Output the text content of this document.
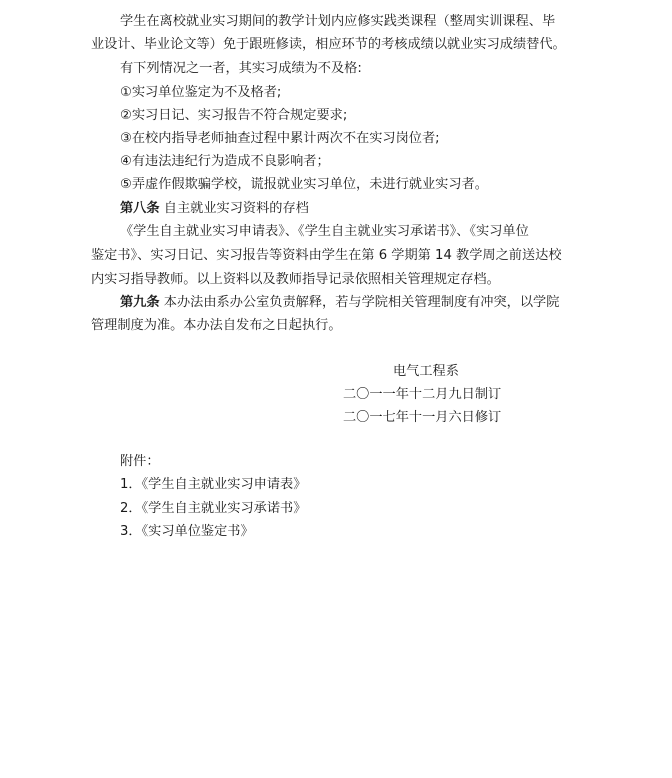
学生在离校就业实习期间的教学计划内应修实践类课程（整周实训课程、毕
业设计、毕业论文等）免于跟班修读，相应环节的考核成绩以就业实习成绩替代。
有下列情况之一者，其实习成绩为不及格:
①实习单位鉴定为不及格者;
②实习日记、实习报告不符合规定要求;
③在校内指导老师抽查过程中累计两次不在实习岗位者;
④有违法违纪行为造成不良影响者；
⑤弄虚作假欺骗学校，谎报就业实习单位，未进行就业实习者。
第八条 自主就业实习资料的存档
《学生自主就业实习申请表》、《学生自主就业实习承诺书》、《实习单位
鉴定书》、实习日记、实习报告等资料由学生在第 6 学期第 14 教学周之前送达校
内实习指导教师。以上资料以及教师指导记录依照相关管理规定存档。
第九条 本办法由系办公室负责解释，若与学院相关管理制度有冲突，以学院
管理制度为准。本办法自发布之日起执行。
电气工程系
二〇一一年十二月九日制订
二〇一七年十一月六日修订
附件：
1．《学生自主就业实习申请表》
2．《学生自主就业实习承诺书》
3．《实习单位鉴定书》
